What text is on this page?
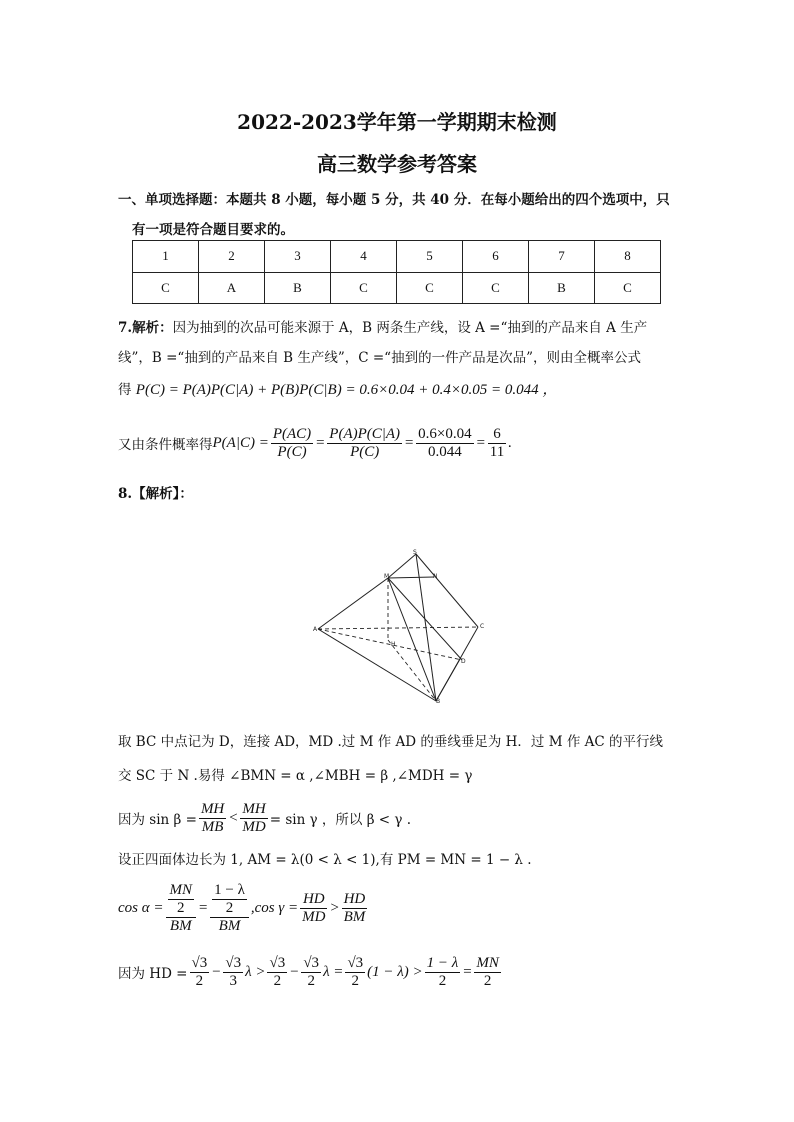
2022-2023学年第一学期期末检测
高三数学参考答案
一、单项选择题：本题共 8 小题，每小题 5 分，共 40 分．在每小题给出的四个选项中，只
有一项是符合题目要求的。
1	2	3	4	5	6	7	8
C	A	B	C	C	C	B	C
7.解析：因为抽到的次品可能来源于 A，B 两条生产线，设 A =“抽到的产品来自 A 生产
线”，B =“抽到的产品来自 B 生产线”，C =“抽到的一件产品是次品”，则由全概率公式
得 P(C) = P(A)P(C|A) + P(B)P(C|B) = 0.6×0.04 + 0.4×0.05 = 0.044 ，
又由条件概率得 $P(A|C) = \frac{P(AC)}{P(C)} = \frac{P(A)P(C|A)}{P(C)} = \frac{0.6\times 0.04}{0.044} = \frac{6}{11}$ .
8.【解析】：
S
M	N
A	C
D
H
B
取 BC 中点记为 D，连接 AD，MD .过 M 作 AD 的垂线垂足为 H．过 M 作 AC 的平行线
交 SC 于 N .易得 ∠BMN = α ,∠MBH = β ,∠MDH = γ
因为 $\sin \beta = \frac{MH}{MB} < \frac{MH}{MD} = \sin \gamma$ ，所以 β < γ .
设正四面体边长为 1, AM = λ(0 < λ < 1),有 PM = MN = 1 − λ .
$\cos \alpha = \frac{\frac{MN}{2}}{BM} = \frac{\frac{1 - \lambda}{2}}{BM} ,\cos$ $\gamma = \frac{HD}{MD} > \frac{HD}{BM}$
因为 HD = $\frac{√3}{2} - \frac{√3}{3}$ $\lambda > \frac{√3}{2} - \frac{√3}{2}$ $\lambda = \frac{√3}{2} (1 - \lambda) > \frac{1 - \lambda}{2} = \frac{MN}{2}$
